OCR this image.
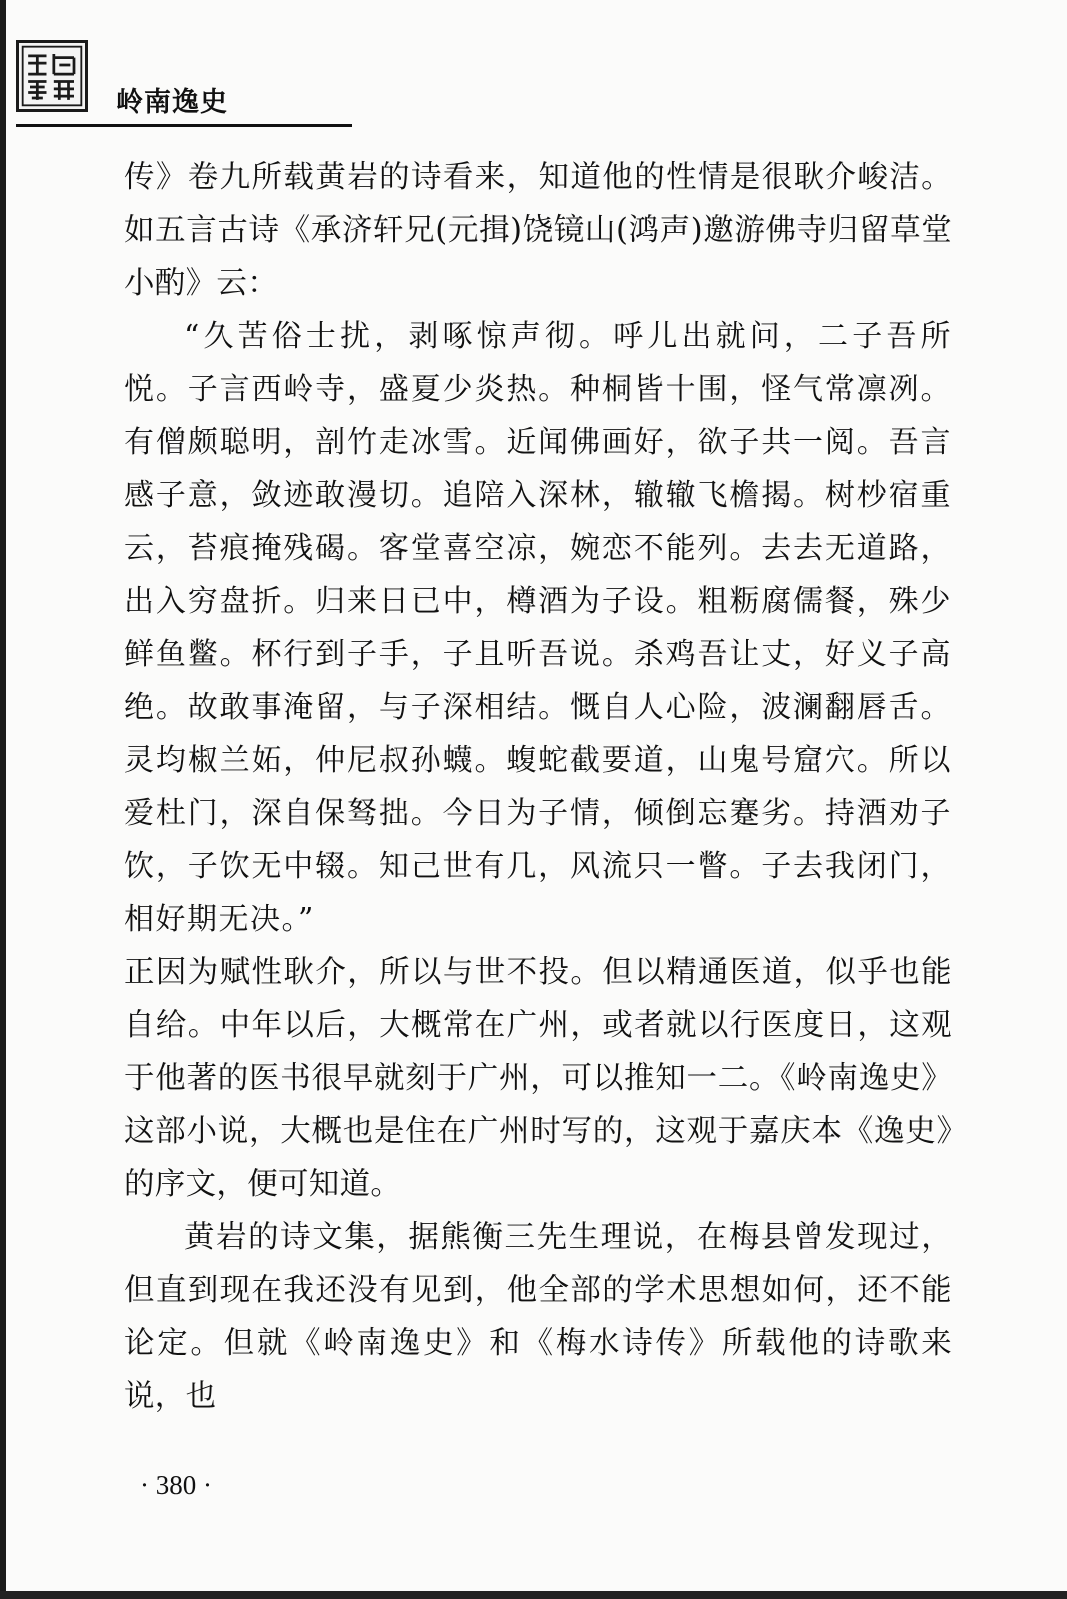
岭南逸史

传》卷九所载黄岩的诗看来，知道他的性情是很耿介峻洁。如五言古诗《承济轩兄(元揖)饶镜山(鸿声)邀游佛寺归留草堂小酌》云：

“久苦俗士扰，剥啄惊声彻。呼儿出就问，二子吾所悦。子言西岭寺，盛夏少炎热。种桐皆十围，怪气常凛冽。有僧颇聪明，剖竹走冰雪。近闻佛画好，欲子共一阅。吾言感子意，敛迹敢漫切。追陪入深林，辙辙飞檐揭。树杪宿重云，苔痕掩残碣。客堂喜空凉，婉恋不能列。去去无道路，出入穷盘折。归来日已中，樽酒为子设。粗粝腐儒餐，殊少鲜鱼鳖。杯行到子手，子且听吾说。杀鸡吾让丈，好义子高绝。故敢事淹留，与子深相结。慨自人心险，波澜翻唇舌。灵均椒兰妬，仲尼叔孙蠛。蝮蛇截要道，山鬼号窟穴。所以爱杜门，深自保驽拙。今日为子情，倾倒忘蹇劣。持酒劝子饮，子饮无中辍。知己世有几，风流只一瞥。子去我闭门，相好期无决。”

正因为赋性耿介，所以与世不投。但以精通医道，似乎也能自给。中年以后，大概常在广州，或者就以行医度日，这观于他著的医书很早就刻于广州，可以推知一二。《岭南逸史》这部小说，大概也是住在广州时写的，这观于嘉庆本《逸史》的序文，便可知道。

黄岩的诗文集，据熊衡三先生理说，在梅县曾发现过，但直到现在我还没有见到，他全部的学术思想如何，还不能论定。但就《岭南逸史》和《梅水诗传》所载他的诗歌来说，也

· 380 ·
